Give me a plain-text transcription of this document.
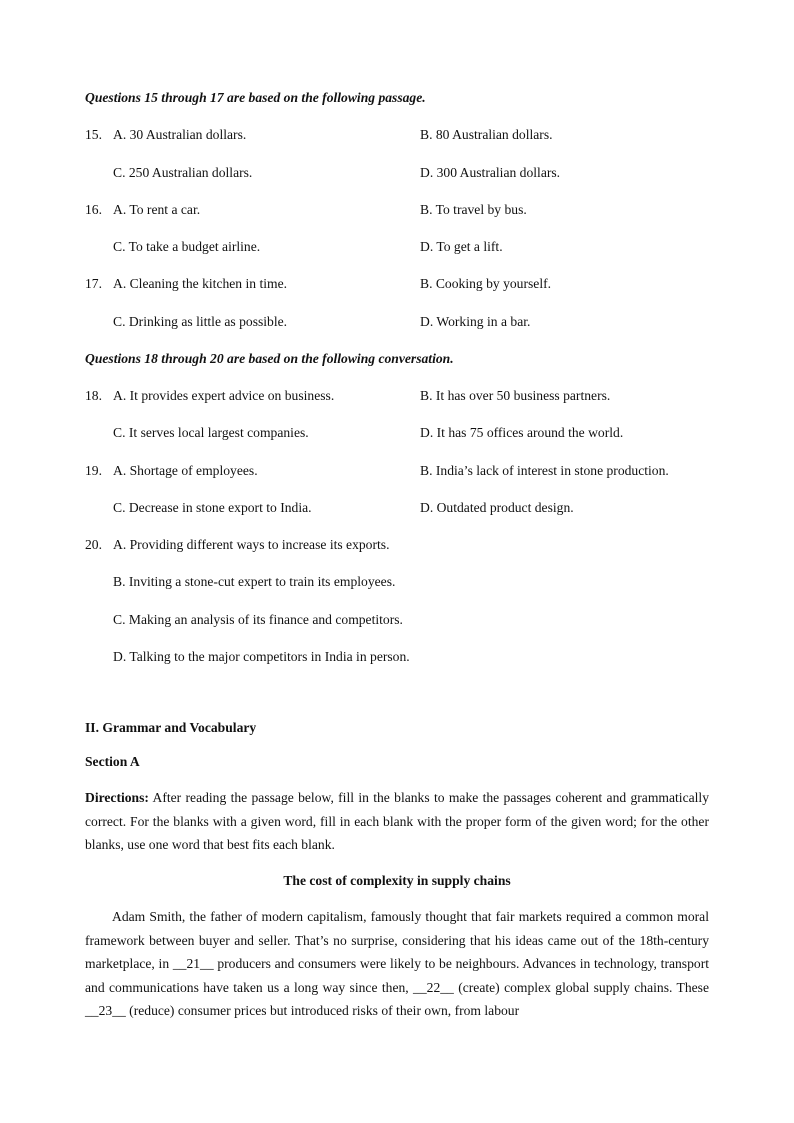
Questions 15 through 17 are based on the following passage.
15. A. 30 Australian dollars.	B. 80 Australian dollars.
C. 250 Australian dollars.	D. 300 Australian dollars.
16. A. To rent a car.	B. To travel by bus.
C. To take a budget airline.	D. To get a lift.
17. A. Cleaning the kitchen in time.	B. Cooking by yourself.
C. Drinking as little as possible.	D. Working in a bar.
Questions 18 through 20 are based on the following conversation.
18. A. It provides expert advice on business.	B. It has over 50 business partners.
C. It serves local largest companies.	D. It has 75 offices around the world.
19. A. Shortage of employees.	B. India’s lack of interest in stone production.
C. Decrease in stone export to India.	D. Outdated product design.
20. A. Providing different ways to increase its exports.
B. Inviting a stone-cut expert to train its employees.
C. Making an analysis of its finance and competitors.
D. Talking to the major competitors in India in person.
II. Grammar and Vocabulary
Section A
Directions: After reading the passage below, fill in the blanks to make the passages coherent and grammatically correct. For the blanks with a given word, fill in each blank with the proper form of the given word; for the other blanks, use one word that best fits each blank.
The cost of complexity in supply chains
Adam Smith, the father of modern capitalism, famously thought that fair markets required a common moral framework between buyer and seller. That’s no surprise, considering that his ideas came out of the 18th-century marketplace, in __21__ producers and consumers were likely to be neighbours. Advances in technology, transport and communications have taken us a long way since then, __22__ (create) complex global supply chains. These __23__ (reduce) consumer prices but introduced risks of their own, from labour
